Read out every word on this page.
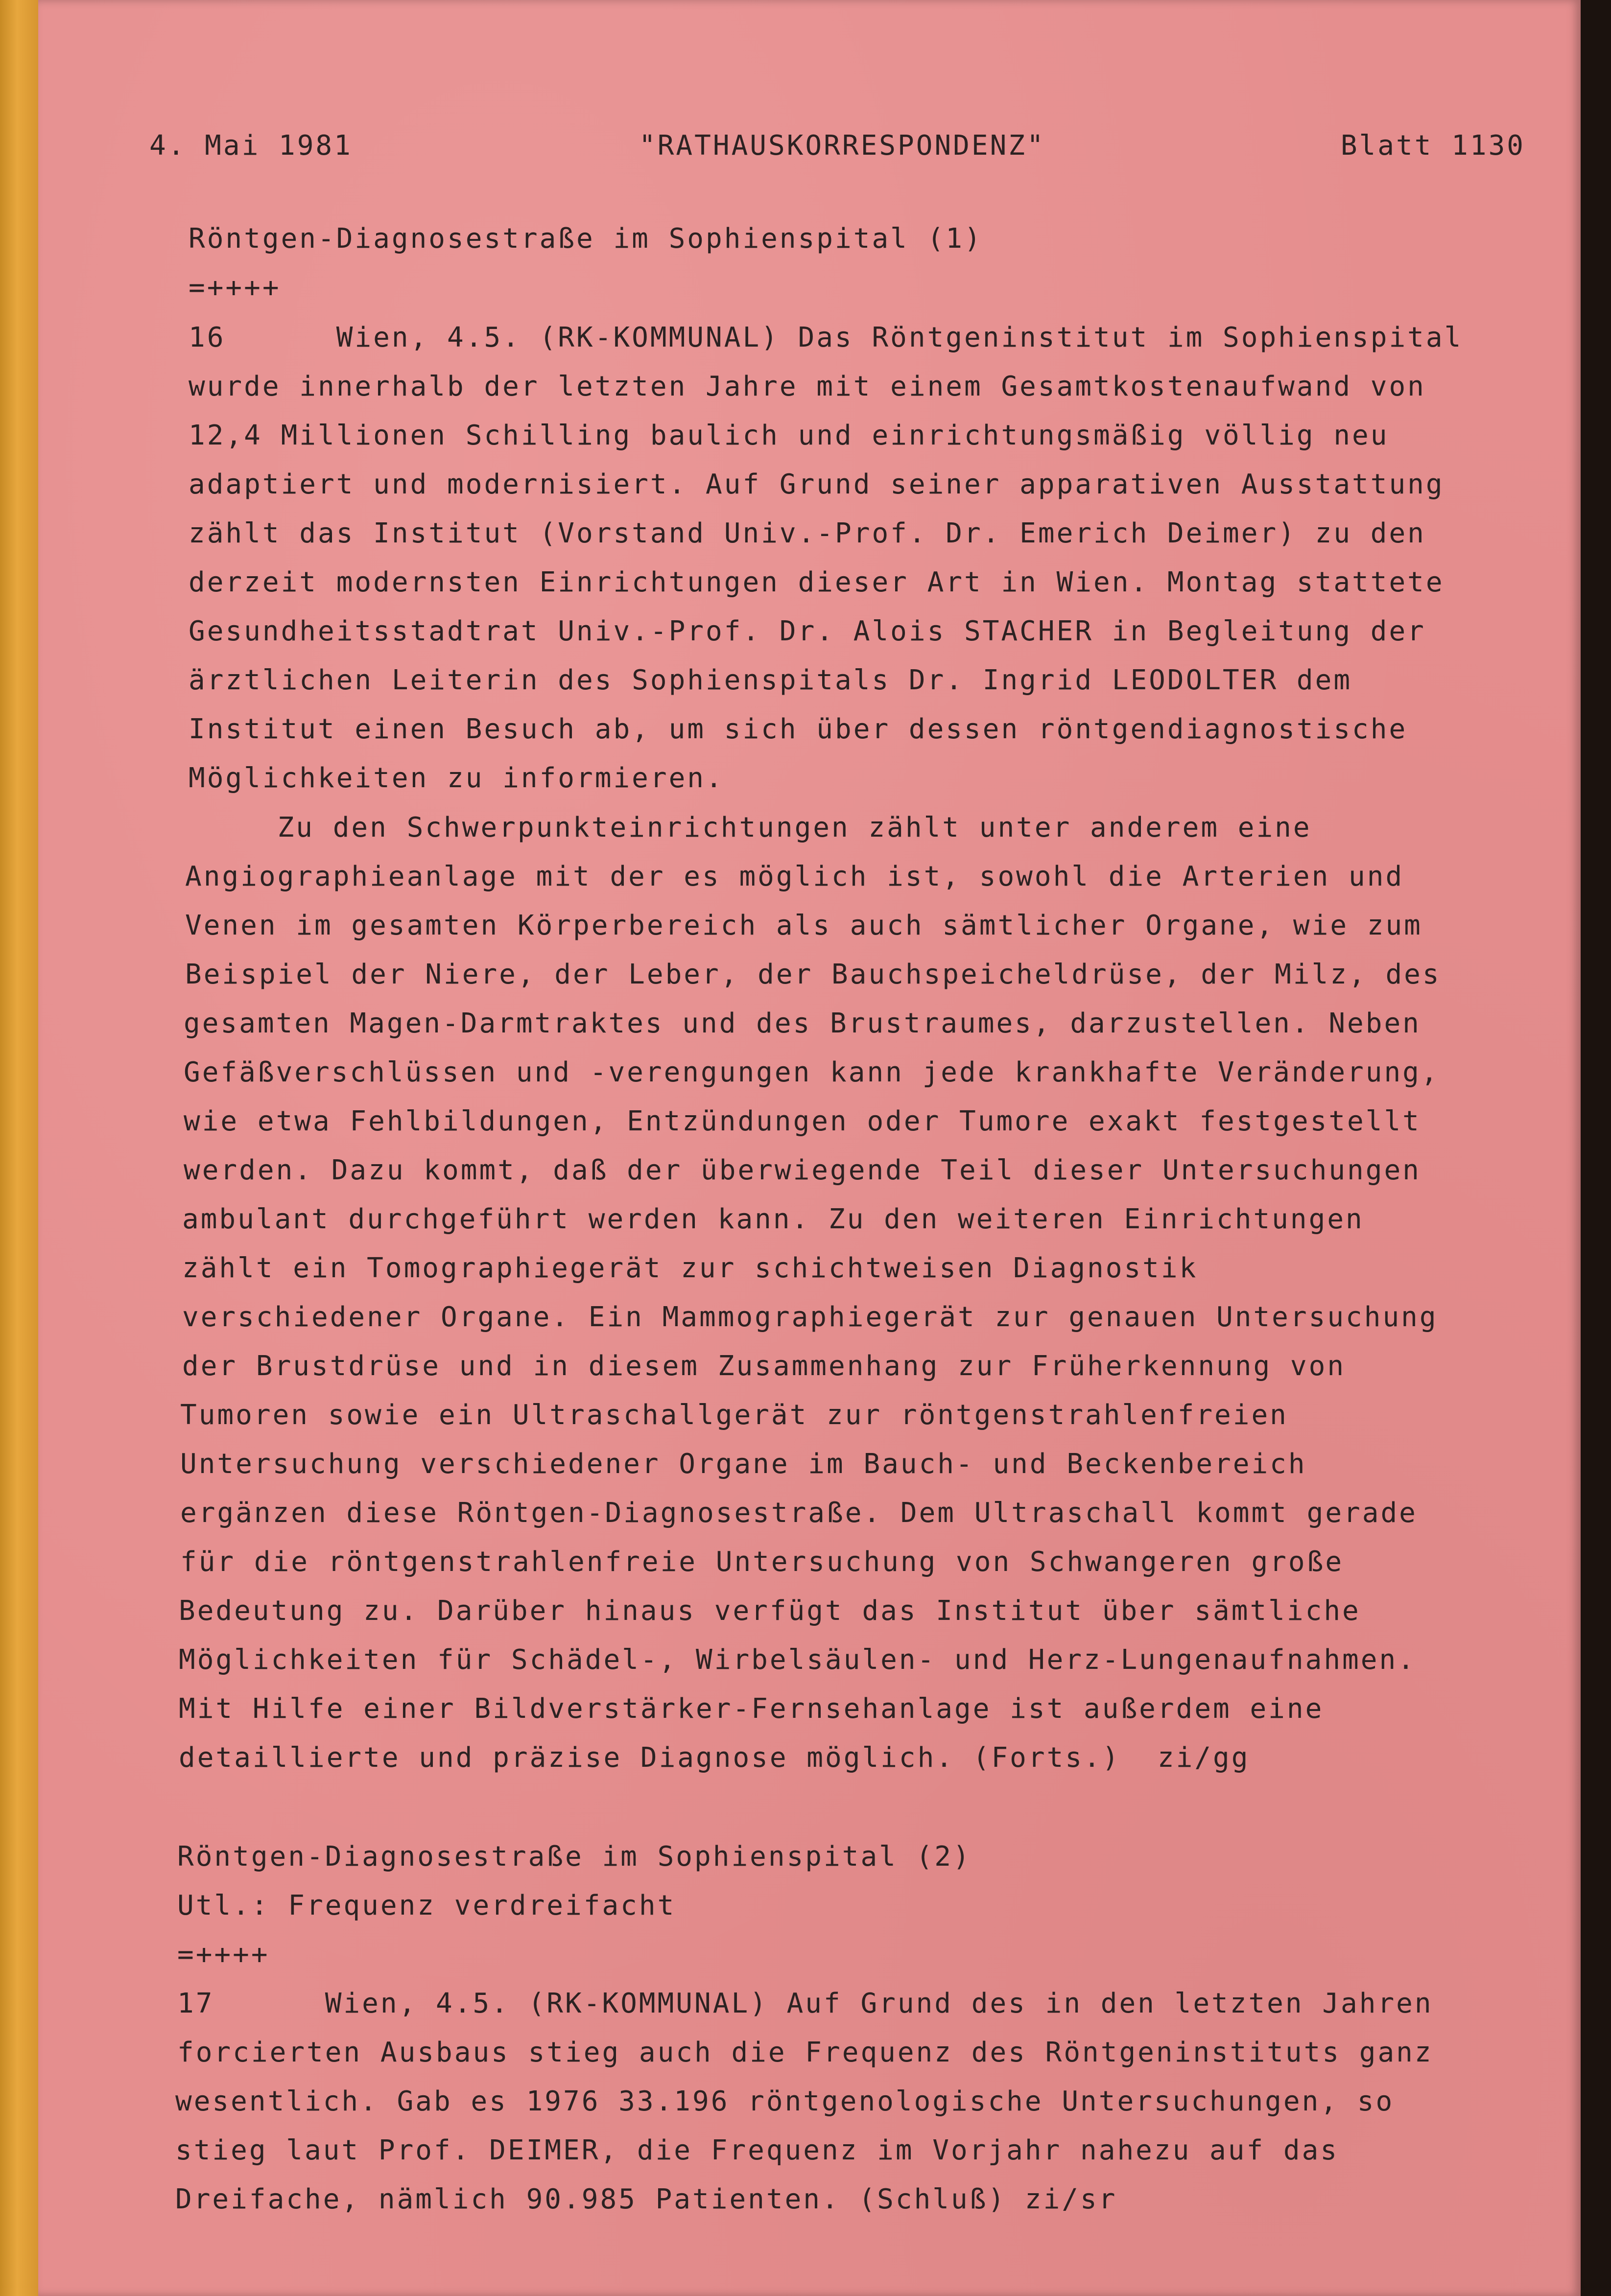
4. Mai 1981	"RATHAUSKORRESPONDENZ"	Blatt 1130
Röntgen-Diagnosestraße im Sophienspital (1)
=++++
16      Wien, 4.5. (RK-KOMMUNAL) Das Röntgeninstitut im Sophienspital
wurde innerhalb der letzten Jahre mit einem Gesamtkostenaufwand von
12,4 Millionen Schilling baulich und einrichtungsmäßig völlig neu
adaptiert und modernisiert. Auf Grund seiner apparativen Ausstattung
zählt das Institut (Vorstand Univ.-Prof. Dr. Emerich Deimer) zu den
derzeit modernsten Einrichtungen dieser Art in Wien. Montag stattete
Gesundheitsstadtrat Univ.-Prof. Dr. Alois STACHER in Begleitung der
ärztlichen Leiterin des Sophienspitals Dr. Ingrid LEODOLTER dem
Institut einen Besuch ab, um sich über dessen röntgendiagnostische
Möglichkeiten zu informieren.
Zu den Schwerpunkteinrichtungen zählt unter anderem eine
Angiographieanlage mit der es möglich ist, sowohl die Arterien und
Venen im gesamten Körperbereich als auch sämtlicher Organe, wie zum
Beispiel der Niere, der Leber, der Bauchspeicheldrüse, der Milz, des
gesamten Magen-Darmtraktes und des Brustraumes, darzustellen. Neben
Gefäßverschlüssen und -verengungen kann jede krankhafte Veränderung,
wie etwa Fehlbildungen, Entzündungen oder Tumore exakt festgestellt
werden. Dazu kommt, daß der überwiegende Teil dieser Untersuchungen
ambulant durchgeführt werden kann. Zu den weiteren Einrichtungen
zählt ein Tomographiegerät zur schichtweisen Diagnostik
verschiedener Organe. Ein Mammographiegerät zur genauen Untersuchung
der Brustdrüse und in diesem Zusammenhang zur Früherkennung von
Tumoren sowie ein Ultraschallgerät zur röntgenstrahlenfreien
Untersuchung verschiedener Organe im Bauch- und Beckenbereich
ergänzen diese Röntgen-Diagnosestraße. Dem Ultraschall kommt gerade
für die röntgenstrahlenfreie Untersuchung von Schwangeren große
Bedeutung zu. Darüber hinaus verfügt das Institut über sämtliche
Möglichkeiten für Schädel-, Wirbelsäulen- und Herz-Lungenaufnahmen.
Mit Hilfe einer Bildverstärker-Fernsehanlage ist außerdem eine
detaillierte und präzise Diagnose möglich. (Forts.)  zi/gg
Röntgen-Diagnosestraße im Sophienspital (2)
Utl.: Frequenz verdreifacht
=++++
17      Wien, 4.5. (RK-KOMMUNAL) Auf Grund des in den letzten Jahren
forcierten Ausbaus stieg auch die Frequenz des Röntgeninstituts ganz
wesentlich. Gab es 1976 33.196 röntgenologische Untersuchungen, so
stieg laut Prof. DEIMER, die Frequenz im Vorjahr nahezu auf das
Dreifache, nämlich 90.985 Patienten. (Schluß) zi/sr
